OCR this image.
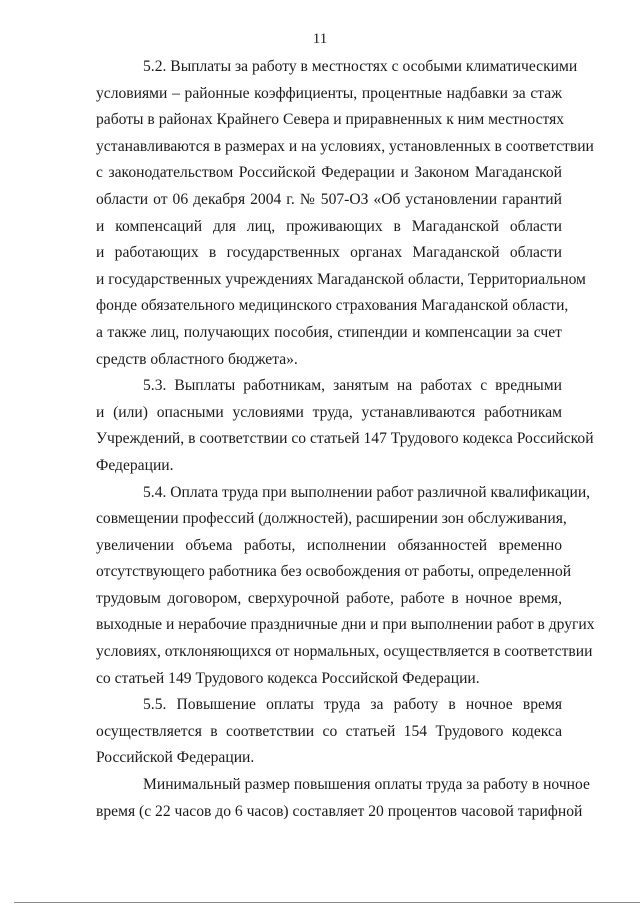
11
5.2. Выплаты за работу в местностях с особыми климатическими
условиями – районные коэффициенты, процентные надбавки за стаж
работы в районах Крайнего Севера и приравненных к ним местностях
устанавливаются в размерах и на условиях, установленных в соответствии
с законодательством Российской Федерации и Законом Магаданской
области от 06 декабря 2004 г. № 507-ОЗ «Об установлении гарантий
и компенсаций для лиц, проживающих в Магаданской области
и работающих в государственных органах Магаданской области
и государственных учреждениях Магаданской области, Территориальном
фонде обязательного медицинского страхования Магаданской области,
а также лиц, получающих пособия, стипендии и компенсации за счет
средств областного бюджета».
5.3. Выплаты работникам, занятым на работах с вредными
и (или) опасными условиями труда, устанавливаются работникам
Учреждений, в соответствии со статьей 147 Трудового кодекса Российской
Федерации.
5.4. Оплата труда при выполнении работ различной квалификации,
совмещении профессий (должностей), расширении зон обслуживания,
увеличении объема работы, исполнении обязанностей временно
отсутствующего работника без освобождения от работы, определенной
трудовым договором, сверхурочной работе, работе в ночное время,
выходные и нерабочие праздничные дни и при выполнении работ в других
условиях, отклоняющихся от нормальных, осуществляется в соответствии
со статьей 149 Трудового кодекса Российской Федерации.
5.5. Повышение оплаты труда за работу в ночное время
осуществляется в соответствии со статьей 154 Трудового кодекса
Российской Федерации.
Минимальный размер повышения оплаты труда за работу в ночное
время (с 22 часов до 6 часов) составляет 20 процентов часовой тарифной
